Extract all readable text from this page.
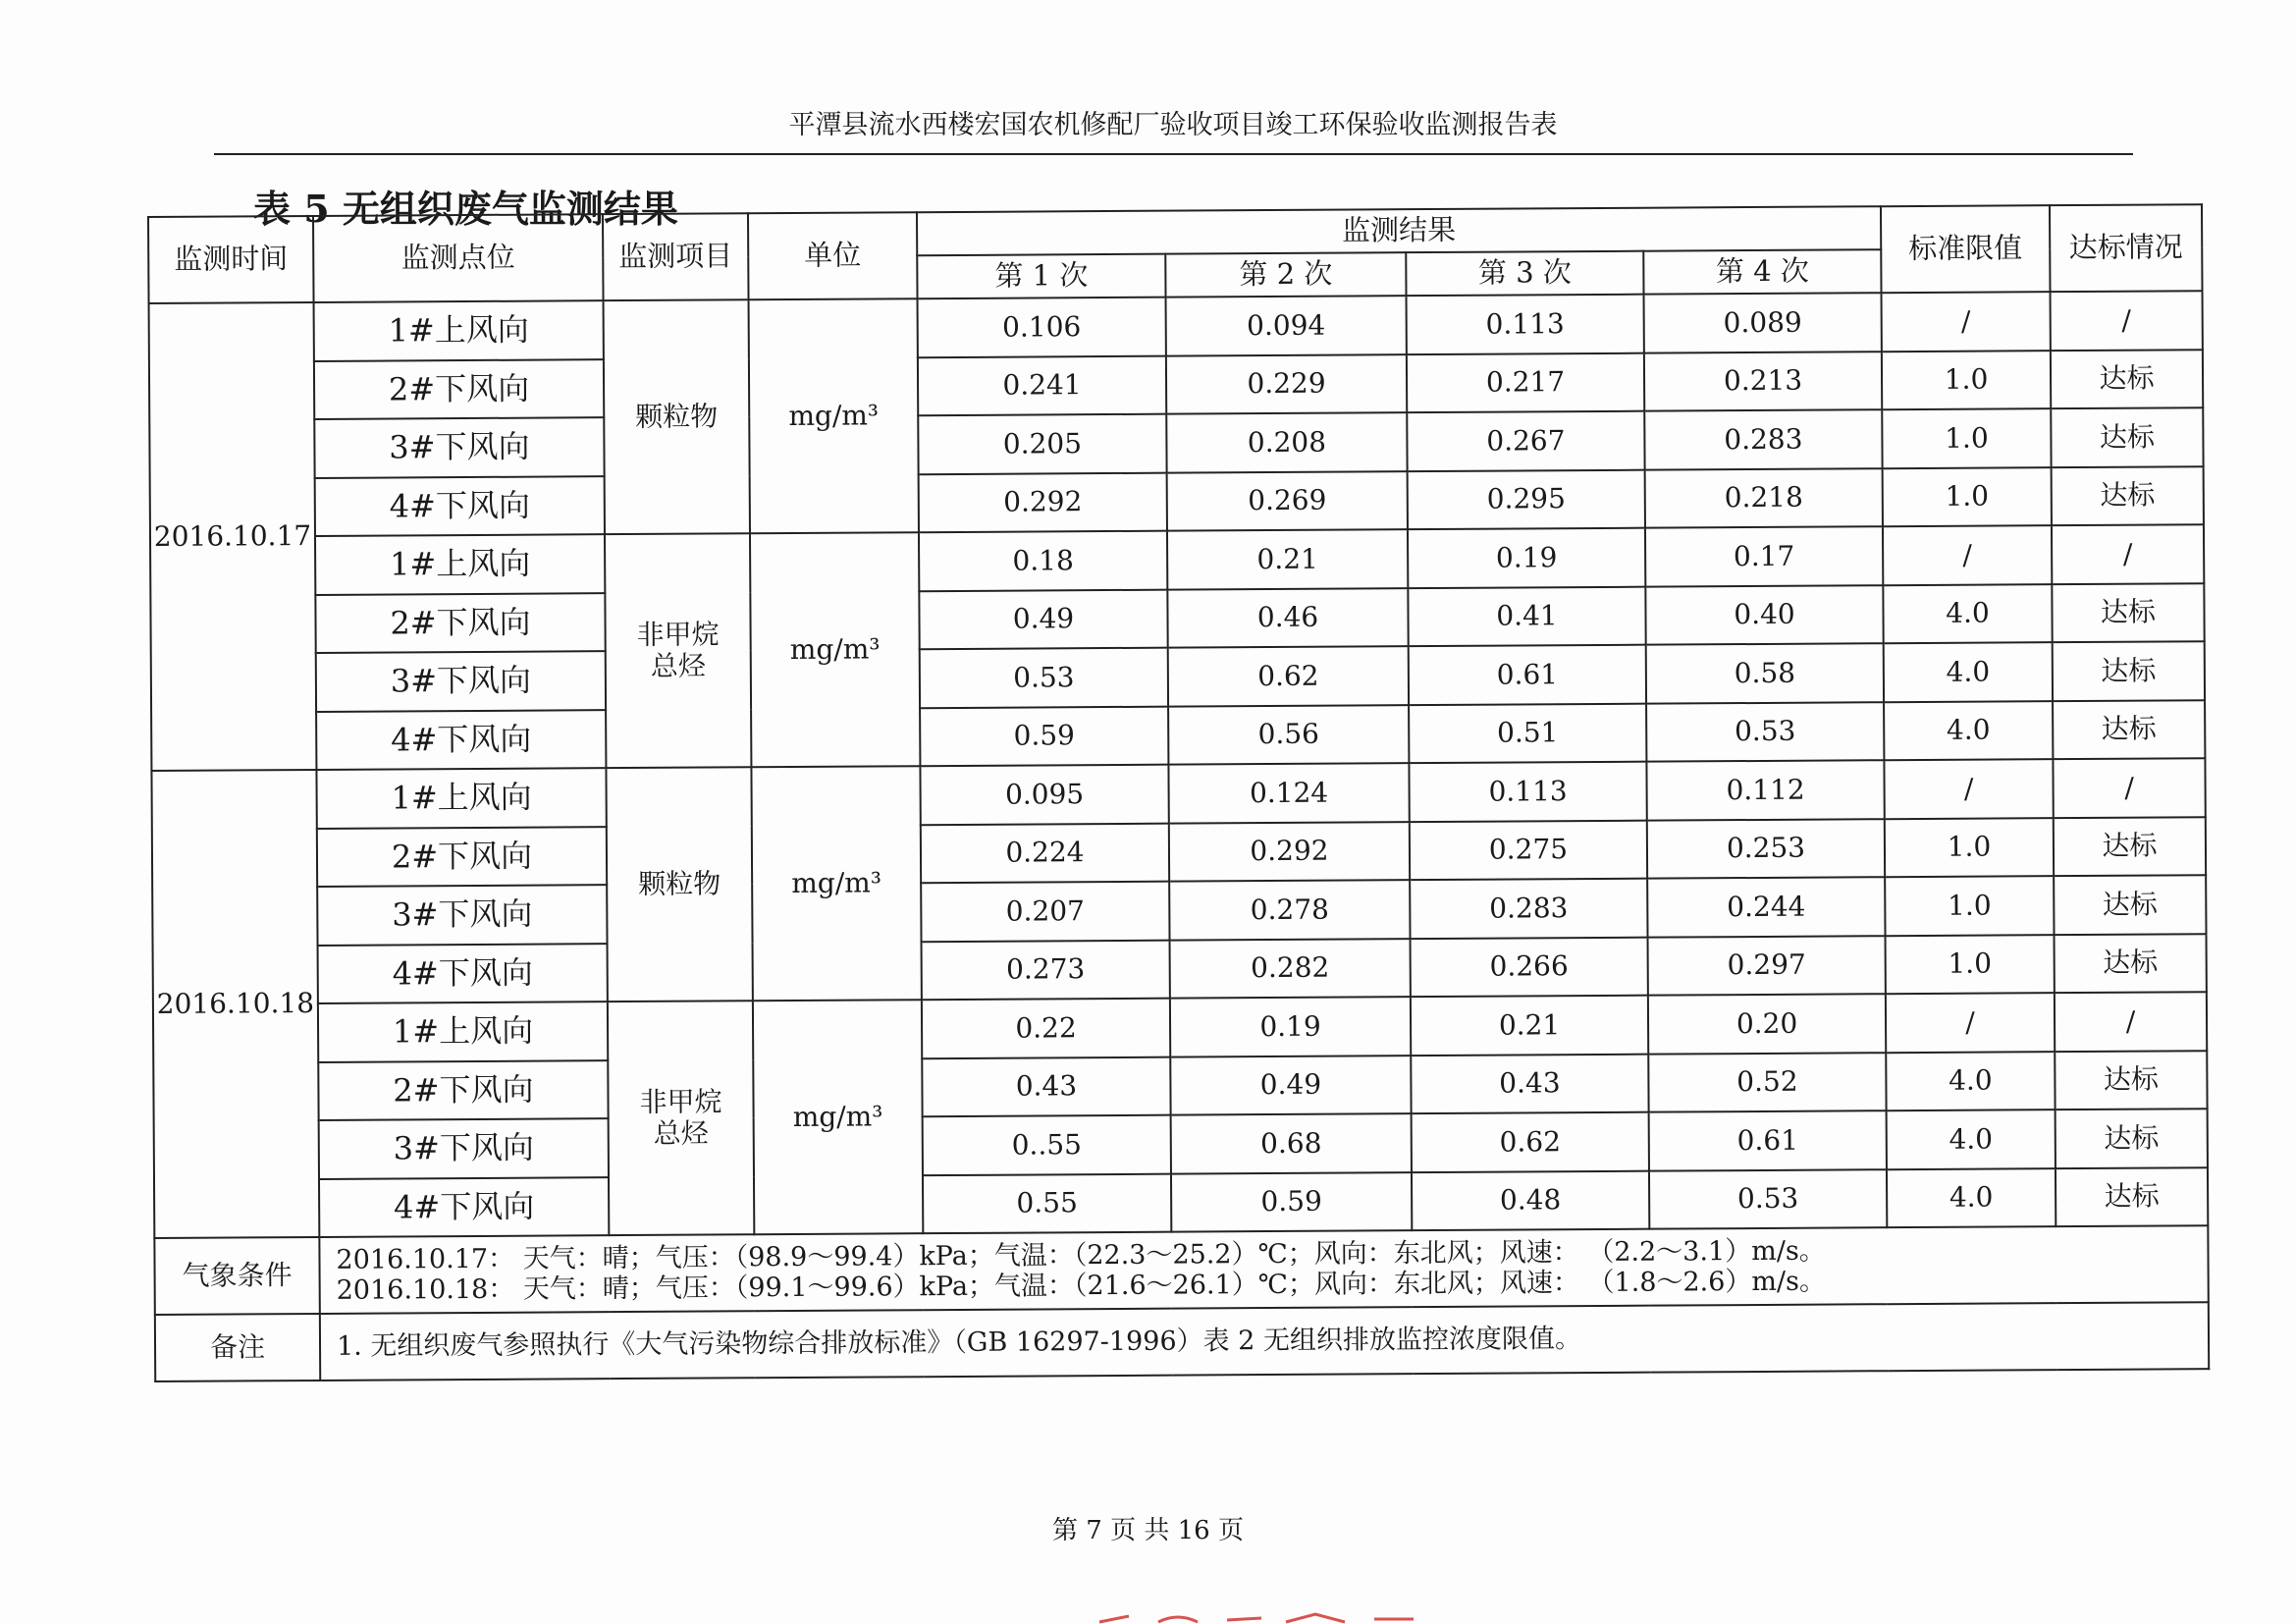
平潭县流水西楼宏国农机修配厂验收项目竣工环保验收监测报告表
表 5 无组织废气监测结果
监测时间	监测点位	监测项目	单位	监测结果				标准限值	达标情况
				第 1 次	第 2 次	第 3 次	第 4 次		
2016.10.17	1#上风向	颗粒物	mg/m³	0.106	0.094	0.113	0.089	/	/
	2#下风向			0.241	0.229	0.217	0.213	1.0	达标
	3#下风向			0.205	0.208	0.267	0.283	1.0	达标
	4#下风向			0.292	0.269	0.295	0.218	1.0	达标
	1#上风向	非甲烷总烃	mg/m³	0.18	0.21	0.19	0.17	/	/
	2#下风向			0.49	0.46	0.41	0.40	4.0	达标
	3#下风向			0.53	0.62	0.61	0.58	4.0	达标
	4#下风向			0.59	0.56	0.51	0.53	4.0	达标
2016.10.18	1#上风向	颗粒物	mg/m³	0.095	0.124	0.113	0.112	/	/
	2#下风向			0.224	0.292	0.275	0.253	1.0	达标
	3#下风向			0.207	0.278	0.283	0.244	1.0	达标
	4#下风向			0.273	0.282	0.266	0.297	1.0	达标
	1#上风向	非甲烷总烃	mg/m³	0.22	0.19	0.21	0.20	/	/
	2#下风向			0.43	0.49	0.43	0.52	4.0	达标
	3#下风向			0..55	0.68	0.62	0.61	4.0	达标
	4#下风向			0.55	0.59	0.48	0.53	4.0	达标
气象条件	2016.10.17： 天气：晴；气压：（98.9～99.4）kPa；气温：（22.3～25.2）℃；风向：东北风；风速： （2.2～3.1）m/s。
2016.10.18： 天气：晴；气压：（99.1～99.6）kPa；气温：（21.6～26.1）℃；风向：东北风；风速： （1.8～2.6）m/s。								

备注	1. 无组织废气参照执行《大气污染物综合排放标准》（GB 16297-1996）表 2 无组织排放监控浓度限值。								
第 7 页 共 16 页
